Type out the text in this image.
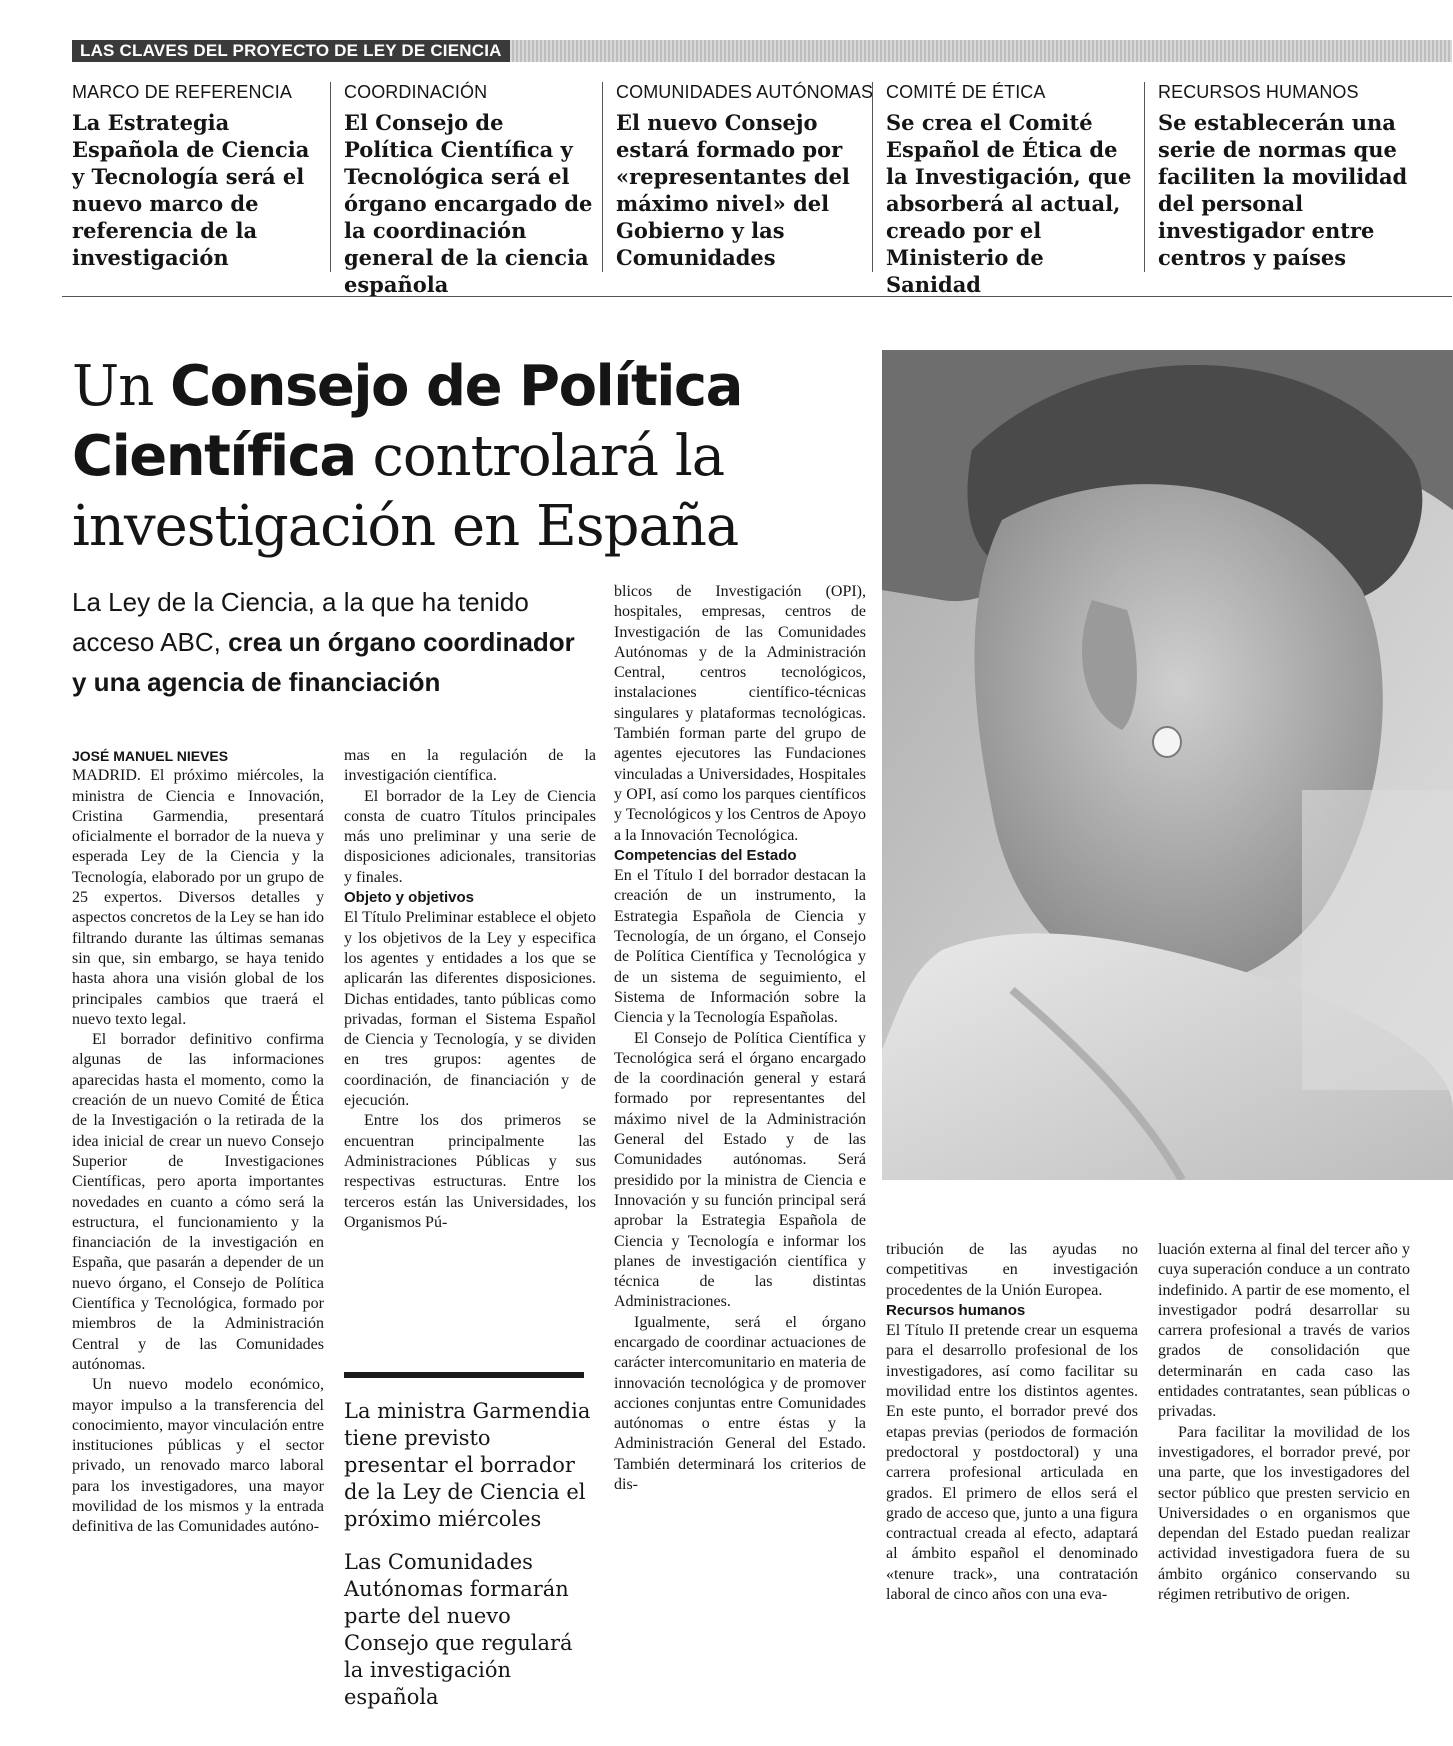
LAS CLAVES DEL PROYECTO DE LEY DE CIENCIA
MARCO DE REFERENCIA

La Estrategia Española de Ciencia y Tecnología será el nuevo marco de referencia de la investigación

COORDINACIÓN

El Consejo de Política Científica y Tecnológica será el órgano encargado de la coordinación general de la ciencia española

COMUNIDADES AUTÓNOMAS

El nuevo Consejo estará formado por «representantes del máximo nivel» del Gobierno y las Comunidades

COMITÉ DE ÉTICA

Se crea el Comité Español de Ética de la Investigación, que absorberá al actual, creado por el Ministerio de Sanidad

RECURSOS HUMANOS

Se establecerán una serie de normas que faciliten la movilidad del personal investigador entre centros y países

Un Consejo de Política Científica controlará la investigación en España

La Ley de la Ciencia, a la que ha tenido acceso ABC, crea un órgano coordinador y una agencia de financiación

JOSÉ MANUEL NIEVES

MADRID. El próximo miércoles, la ministra de Ciencia e Innovación, Cristina Garmendia, presentará oficialmente el borrador de la nueva y esperada Ley de la Ciencia y la Tecnología, elaborado por un grupo de 25 expertos. Diversos detalles y aspectos concretos de la Ley se han ido filtrando durante las últimas semanas sin que, sin embargo, se haya tenido hasta ahora una visión global de los principales cambios que traerá el nuevo texto legal.

El borrador definitivo confirma algunas de las informaciones aparecidas hasta el momento, como la creación de un nuevo Comité de Ética de la Investigación o la retirada de la idea inicial de crear un nuevo Consejo Superior de Investigaciones Científicas, pero aporta importantes novedades en cuanto a cómo será la estructura, el funcionamiento y la financiación de la investigación en España, que pasarán a depender de un nuevo órgano, el Consejo de Política Científica y Tecnológica, formado por miembros de la Administración Central y de las Comunidades autónomas.

Un nuevo modelo económico, mayor impulso a la transferencia del conocimiento, mayor vinculación entre instituciones públicas y el sector privado, un renovado marco laboral para los investigadores, una mayor movilidad de los mismos y la entrada definitiva de las Comunidades autóno-

mas en la regulación de la investigación científica.

El borrador de la Ley de Ciencia consta de cuatro Títulos principales más uno preliminar y una serie de disposiciones adicionales, transitorias y finales.

Objeto y objetivos

El Título Preliminar establece el objeto y los objetivos de la Ley y especifica los agentes y entidades a los que se aplicarán las diferentes disposiciones. Dichas entidades, tanto públicas como privadas, forman el Sistema Español de Ciencia y Tecnología, y se dividen en tres grupos: agentes de coordinación, de financiación y de ejecución.

Entre los dos primeros se encuentran principalmente las Administraciones Públicas y sus respectivas estructuras. Entre los terceros están las Universidades, los Organismos Pú-

La ministra Garmendia tiene previsto presentar el borrador de la Ley de Ciencia el próximo miércoles

Las Comunidades Autónomas formarán parte del nuevo Consejo que regulará la investigación española

blicos de Investigación (OPI), hospitales, empresas, centros de Investigación de las Comunidades Autónomas y de la Administración Central, centros tecnológicos, instalaciones científico-técnicas singulares y plataformas tecnológicas. También forman parte del grupo de agentes ejecutores las Fundaciones vinculadas a Universidades, Hospitales y OPI, así como los parques científicos y Tecnológicos y los Centros de Apoyo a la Innovación Tecnológica.

Competencias del Estado

En el Título I del borrador destacan la creación de un instrumento, la Estrategia Española de Ciencia y Tecnología, de un órgano, el Consejo de Política Científica y Tecnológica y de un sistema de seguimiento, el Sistema de Información sobre la Ciencia y la Tecnología Españolas.

El Consejo de Política Científica y Tecnológica será el órgano encargado de la coordinación general y estará formado por representantes del máximo nivel de la Administración General del Estado y de las Comunidades autónomas. Será presidido por la ministra de Ciencia e Innovación y su función principal será aprobar la Estrategia Española de Ciencia y Tecnología e informar los planes de investigación científica y técnica de las distintas Administraciones.

Igualmente, será el órgano encargado de coordinar actuaciones de carácter intercomunitario en materia de innovación tecnológica y de promover acciones conjuntas entre Comunidades autónomas o entre éstas y la Administración General del Estado. También determinará los criterios de dis-

tribución de las ayudas no competitivas en investigación procedentes de la Unión Europea.

Recursos humanos

El Título II pretende crear un esquema para el desarrollo profesional de los investigadores, así como facilitar su movilidad entre los distintos agentes. En este punto, el borrador prevé dos etapas previas (periodos de formación predoctoral y postdoctoral) y una carrera profesional articulada en grados. El primero de ellos será el grado de acceso que, junto a una figura contractual creada al efecto, adaptará al ámbito español el denominado «tenure track», una contratación laboral de cinco años con una eva-

luación externa al final del tercer año y cuya superación conduce a un contrato indefinido. A partir de ese momento, el investigador podrá desarrollar su carrera profesional a través de varios grados de consolidación que determinarán en cada caso las entidades contratantes, sean públicas o privadas.

Para facilitar la movilidad de los investigadores, el borrador prevé, por una parte, que los investigadores del sector público que presten servicio en Universidades o en organismos que dependan del Estado puedan realizar actividad investigadora fuera de su ámbito orgánico conservando su régimen retributivo de origen.
